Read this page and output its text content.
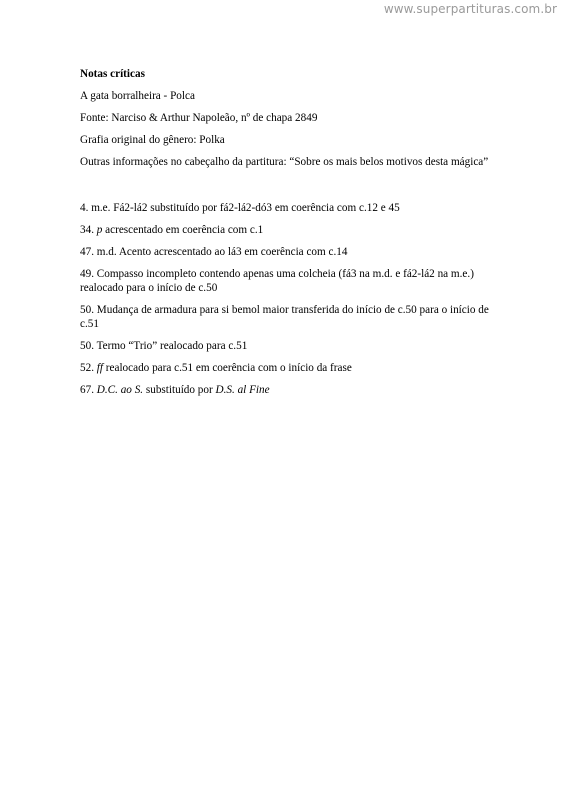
www.superpartituras.com.br
Notas críticas
A gata borralheira - Polca
Fonte: Narciso & Arthur Napoleão, nº de chapa 2849
Grafia original do gênero: Polka
Outras informações no cabeçalho da partitura: “Sobre os mais belos motivos desta mágica”
4. m.e. Fá2-lá2 substituído por fá2-lá2-dó3 em coerência com c.12 e 45
34. p acrescentado em coerência com c.1
47. m.d. Acento acrescentado ao lá3 em coerência com c.14
49. Compasso incompleto contendo apenas uma colcheia (fá3 na m.d. e fá2-lá2 na m.e.) realocado para o início de c.50
50. Mudança de armadura para si bemol maior transferida do início de c.50 para o início de c.51
50. Termo “Trio” realocado para c.51
52. ff realocado para c.51 em coerência com o início da frase
67. D.C. ao S. substituído por D.S. al Fine
